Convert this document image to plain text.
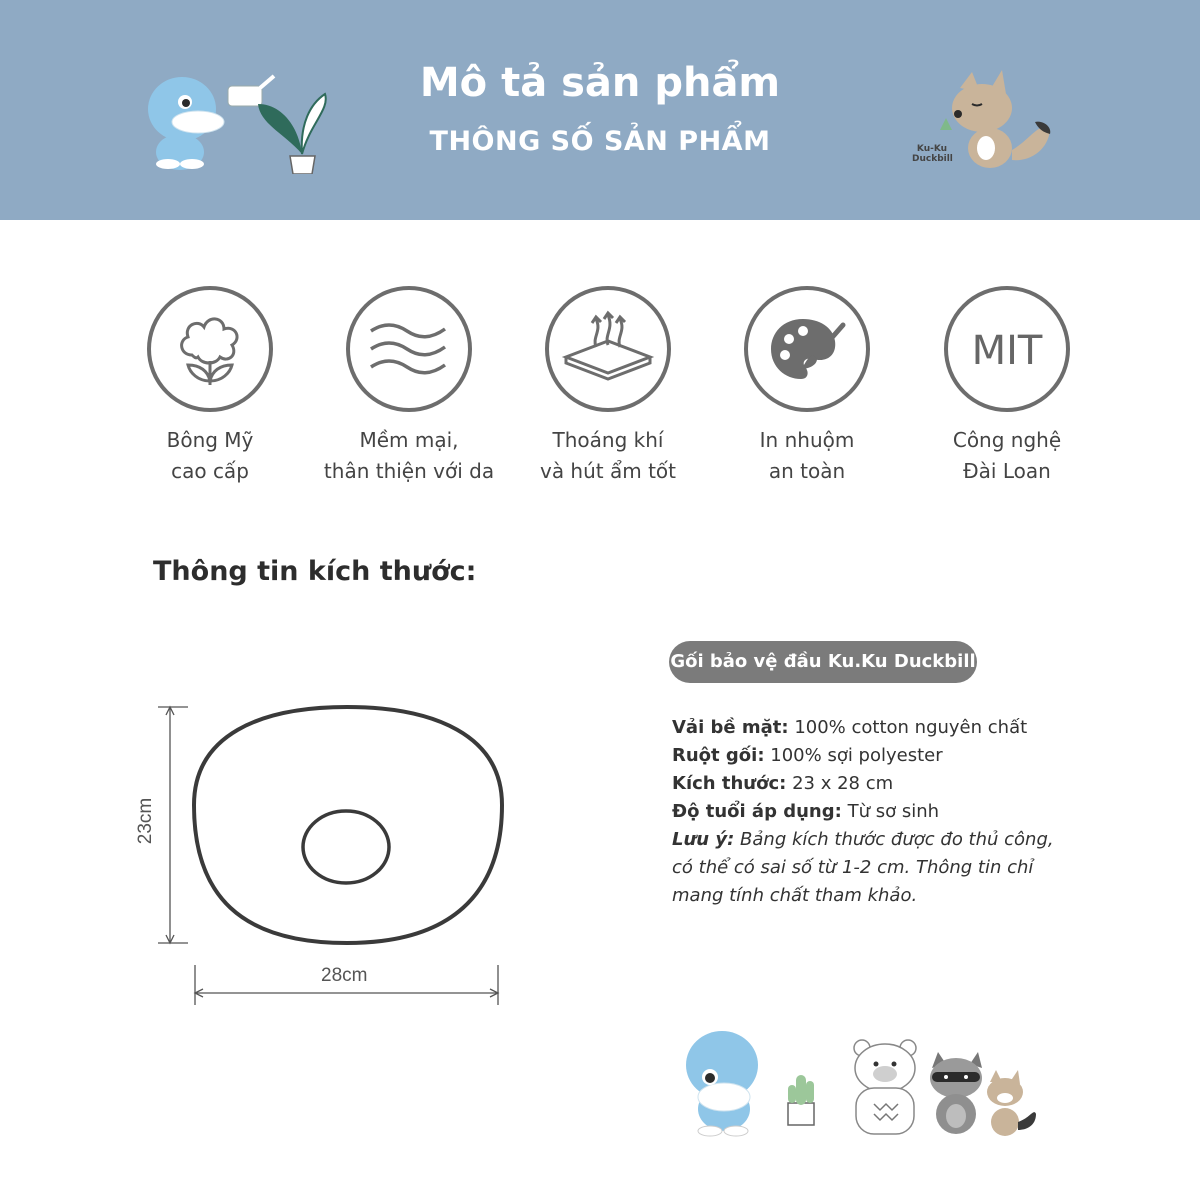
Mô tả sản phẩm
THÔNG SỐ SẢN PHẨM	Ku-Ku Duckbill
Bông Mỹ
cao cấp
Mềm mại,
thân thiện với da
Thoáng khí
và hút ẩm tốt
In nhuộm
an toàn
MIT
Công nghệ
Đài Loan
Thông tin kích thước:
23cm
28cm
Gối bảo vệ đầu Ku.Ku Duckbill
Vải bề mặt: 100% cotton nguyên chất
Ruột gối: 100% sợi polyester
Kích thước: 23 x 28 cm
Độ tuổi áp dụng: Từ sơ sinh
Lưu ý: Bảng kích thước được đo thủ công, có thể có sai số từ 1-2 cm. Thông tin chỉ mang tính chất tham khảo.
